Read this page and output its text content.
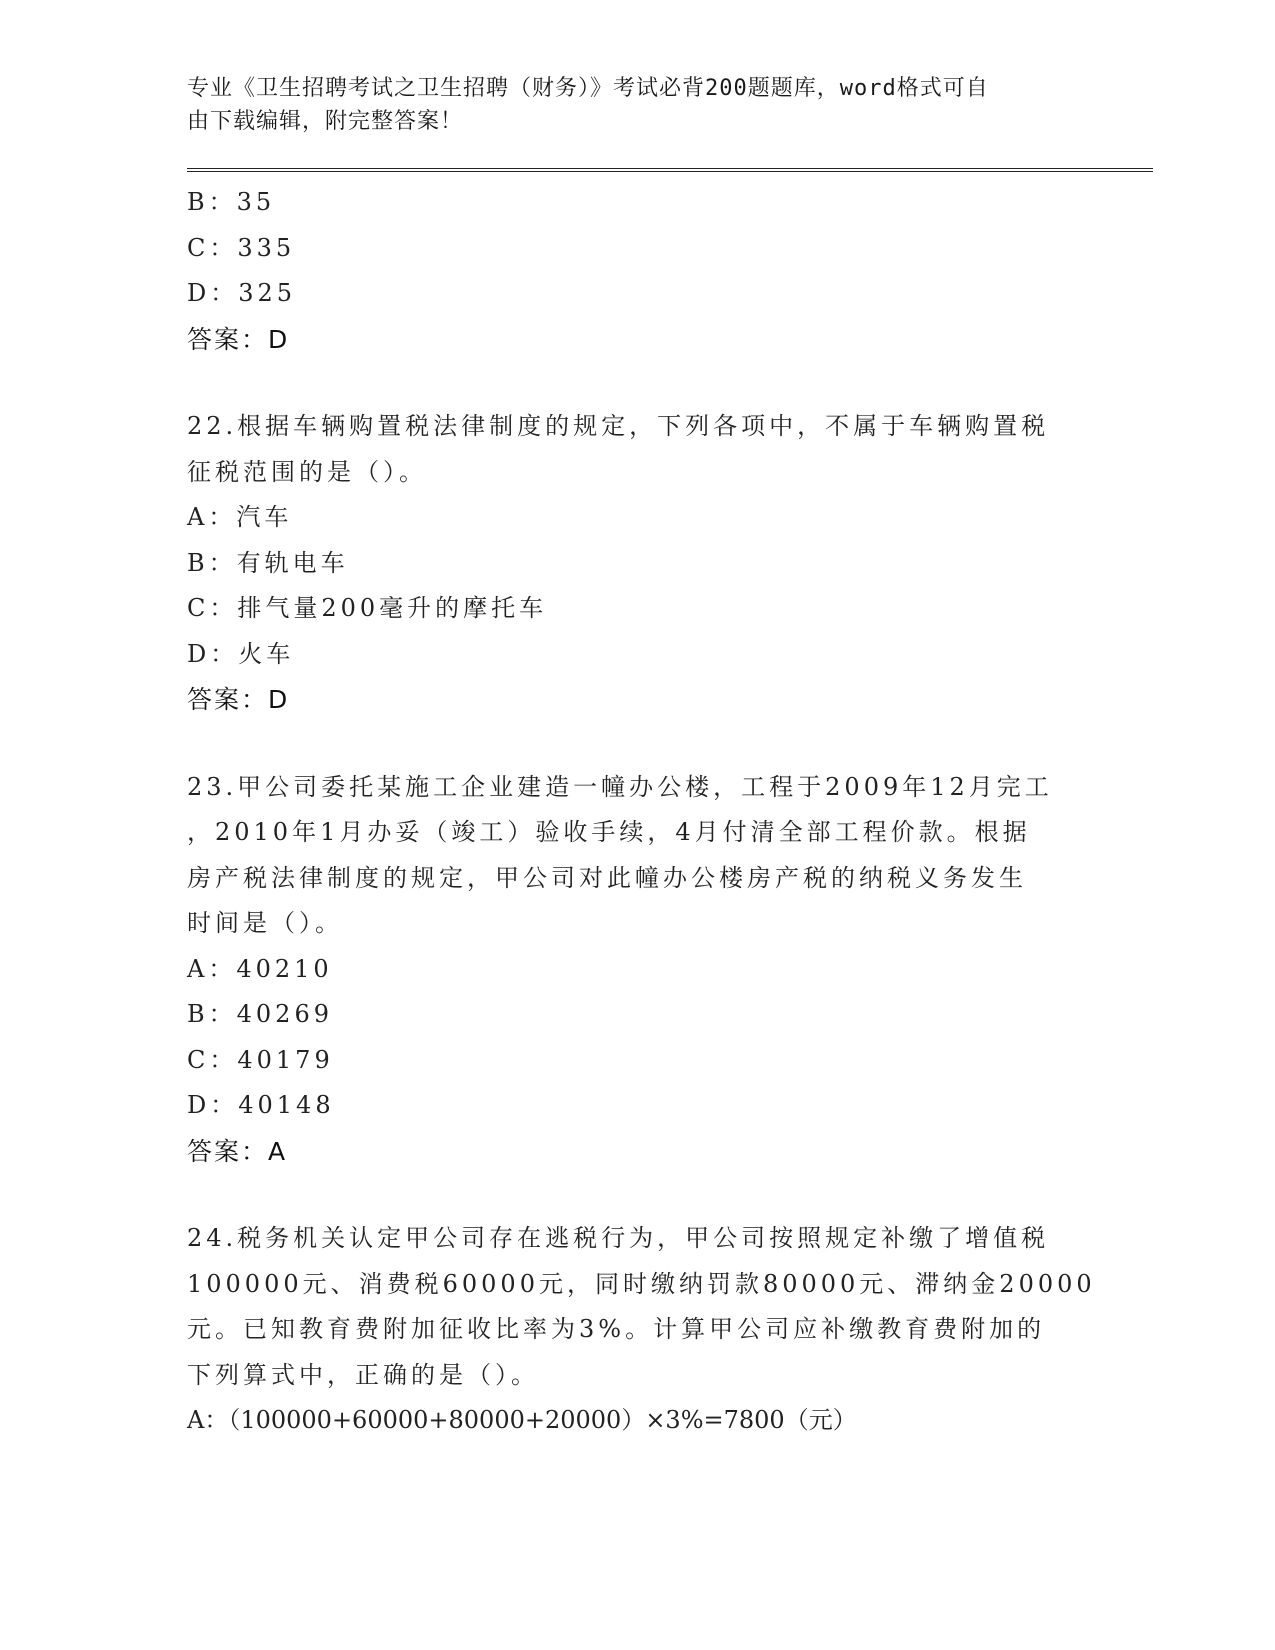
专业《卫生招聘考试之卫生招聘（财务）》考试必背200题题库，word格式可自
由下载编辑，附完整答案！
B：35
C：335
D：325
答案：D
22.根据车辆购置税法律制度的规定，下列各项中，不属于车辆购置税
征税范围的是（）。
A：汽车
B：有轨电车
C：排气量200毫升的摩托车
D：火车
答案：D
23.甲公司委托某施工企业建造一幢办公楼，工程于2009年12月完工
，2010年1月办妥（竣工）验收手续，4月付清全部工程价款。根据
房产税法律制度的规定，甲公司对此幢办公楼房产税的纳税义务发生
时间是（）。
A：40210
B：40269
C：40179
D：40148
答案：A
24.税务机关认定甲公司存在逃税行为，甲公司按照规定补缴了增值税
100000元、消费税60000元，同时缴纳罚款80000元、滞纳金20000
元。已知教育费附加征收比率为3%。计算甲公司应补缴教育费附加的
下列算式中，正确的是（）。
A：（100000+60000+80000+20000）×3%=7800（元）
